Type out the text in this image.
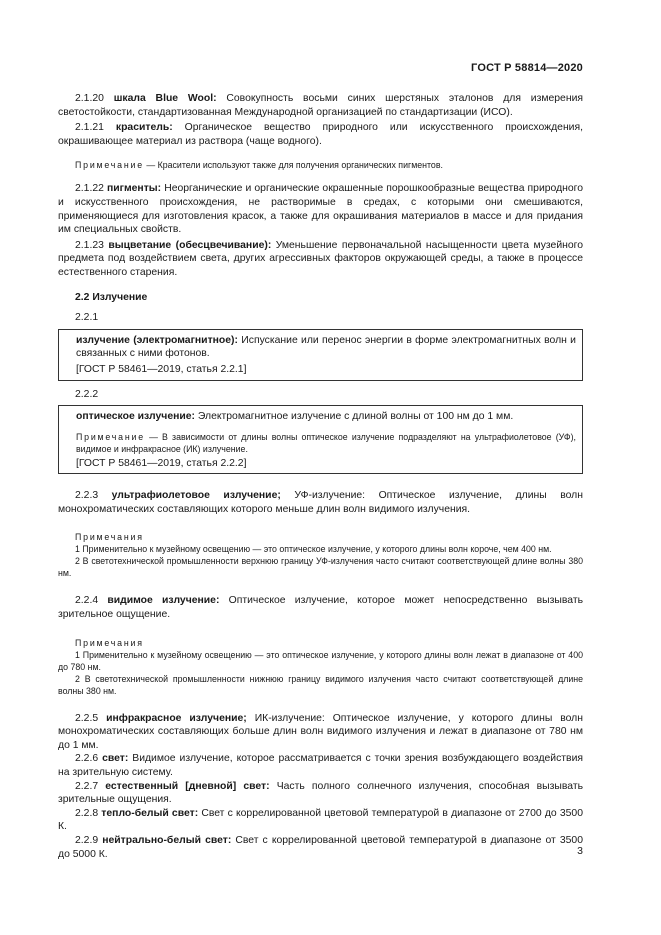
ГОСТ Р 58814—2020

2.1.20 шкала Blue Wool: Совокупность восьми синих шерстяных эталонов для измерения светостойкости, стандартизованная Международной организацией по стандартизации (ИСО).

2.1.21 краситель: Органическое вещество природного или искусственного происхождения, окрашивающее материал из раствора (чаще водного).

Примечание — Красители используют также для получения органических пигментов.

2.1.22 пигменты: Неорганические и органические окрашенные порошкообразные вещества природного и искусственного происхождения, не растворимые в средах, с которыми они смешиваются, применяющиеся для изготовления красок, а также для окрашивания материалов в массе и для придания им специальных свойств.

2.1.23 выцветание (обесцвечивание): Уменьшение первоначальной насыщенности цвета музейного предмета под воздействием света, других агрессивных факторов окружающей среды, а также в процессе естественного старения.

2.2 Излучение

2.2.1

излучение (электромагнитное): Испускание или перенос энергии в форме электромагнитных волн и связанных с ними фотонов.

[ГОСТ Р 58461—2019, статья 2.2.1]

2.2.2

оптическое излучение: Электромагнитное излучение с длиной волны от 100 нм до 1 мм.

Примечание — В зависимости от длины волны оптическое излучение подразделяют на ультрафиолетовое (УФ), видимое и инфракрасное (ИК) излучение.

[ГОСТ Р 58461—2019, статья 2.2.2]

2.2.3 ультрафиолетовое излучение; УФ-излучение: Оптическое излучение, длины волн монохроматических составляющих которого меньше длин волн видимого излучения.

Примечания

1 Применительно к музейному освещению — это оптическое излучение, у которого длины волн короче, чем 400 нм.

2 В светотехнической промышленности верхнюю границу УФ-излучения часто считают соответствующей длине волны 380 нм.

2.2.4 видимое излучение: Оптическое излучение, которое может непосредственно вызывать зрительное ощущение.

Примечания

1 Применительно к музейному освещению — это оптическое излучение, у которого длины волн лежат в диапазоне от 400 до 780 нм.

2 В светотехнической промышленности нижнюю границу видимого излучения часто считают соответствующей длине волны 380 нм.

2.2.5 инфракрасное излучение; ИК-излучение: Оптическое излучение, у которого длины волн монохроматических составляющих больше длин волн видимого излучения и лежат в диапазоне от 780 нм до 1 мм.

2.2.6 свет: Видимое излучение, которое рассматривается с точки зрения возбуждающего воздействия на зрительную систему.

2.2.7 естественный [дневной] свет: Часть полного солнечного излучения, способная вызывать зрительные ощущения.

2.2.8 тепло-белый свет: Свет с коррелированной цветовой температурой в диапазоне от 2700 до 3500 К.

2.2.9 нейтрально-белый свет: Свет с коррелированной цветовой температурой в диапазоне от 3500 до 5000 К.	3
